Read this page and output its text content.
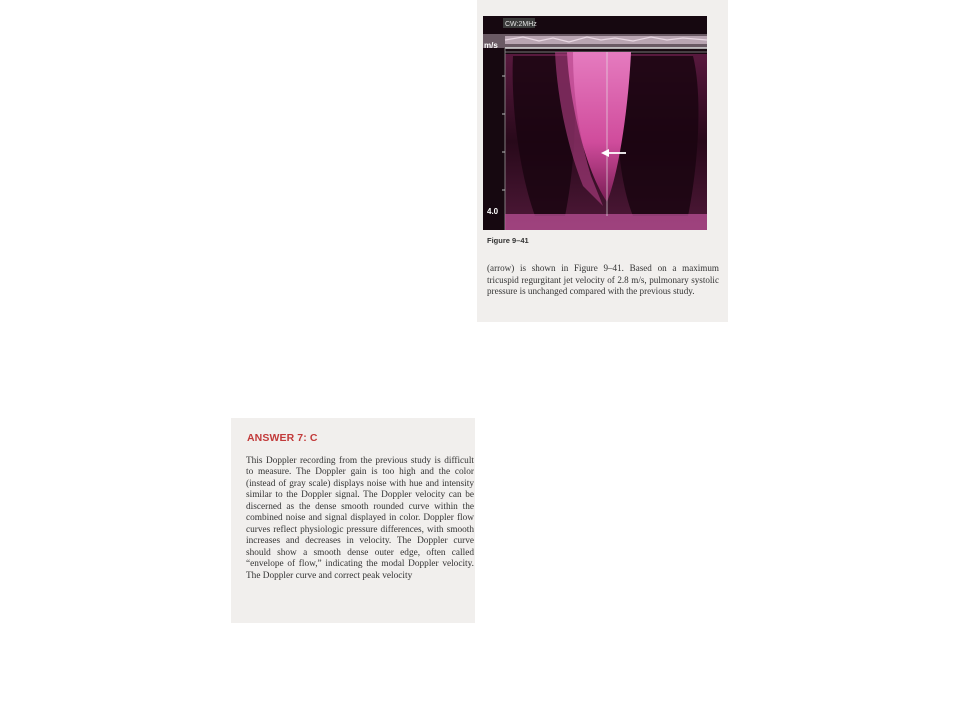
CW:2MHz
m/s
4.0
Figure 9–41

(arrow) is shown in Figure 9–41. Based on a maximum tricuspid regurgitant jet velocity of 2.8 m/s, pulmonary systolic pressure is unchanged compared with the previous study.

ANSWER 7: C

This Doppler recording from the previous study is difficult to measure. The Doppler gain is too high and the color (instead of gray scale) displays noise with hue and intensity similar to the Doppler signal. The Doppler velocity can be discerned as the dense smooth rounded curve within the combined noise and signal displayed in color. Doppler flow curves reflect physiologic pressure differences, with smooth increases and decreases in velocity. The Doppler curve should show a smooth dense outer edge, often called “envelope of flow,” indicating the modal Doppler velocity. The Doppler curve and correct peak velocity
